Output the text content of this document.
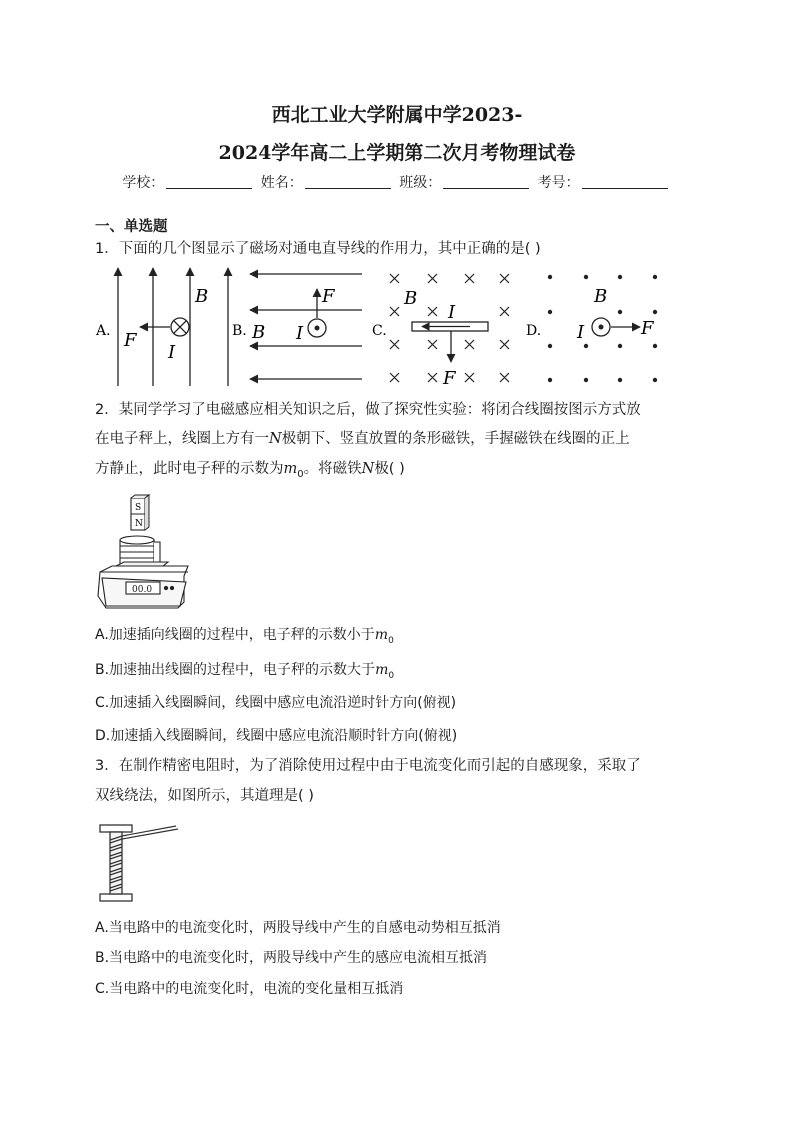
西北工业大学附属中学2023-
2024学年高二上学期第二次月考物理试卷
学校：	姓名：	班级：	考号：
一、单选题
1．下面的几个图显示了磁场对通电直导线的作用力，其中正确的是( )
A.
B
F
I
B.
F
B I	C.
B
I
F
D.
B
I	F
2．某同学学习了电磁感应相关知识之后，做了探究性实验：将闭合线圈按图示方式放
在电子秤上，线圈上方有一N极朝下、竖直放置的条形磁铁，手握磁铁在线圈的正上
方静止，此时电子秤的示数为$m_0$。将磁铁N极( )
S
N
00.0
A.加速插向线圈的过程中，电子秤的示数小于$m_0$
B.加速抽出线圈的过程中，电子秤的示数大于$m_0$
C.加速插入线圈瞬间，线圈中感应电流沿逆时针方向(俯视)
D.加速插入线圈瞬间，线圈中感应电流沿顺时针方向(俯视)
3．在制作精密电阻时，为了消除使用过程中由于电流变化而引起的自感现象，采取了
双线绕法，如图所示，其道理是( )
A.当电路中的电流变化时，两股导线中产生的自感电动势相互抵消
B.当电路中的电流变化时，两股导线中产生的感应电流相互抵消
C.当电路中的电流变化时，电流的变化量相互抵消
